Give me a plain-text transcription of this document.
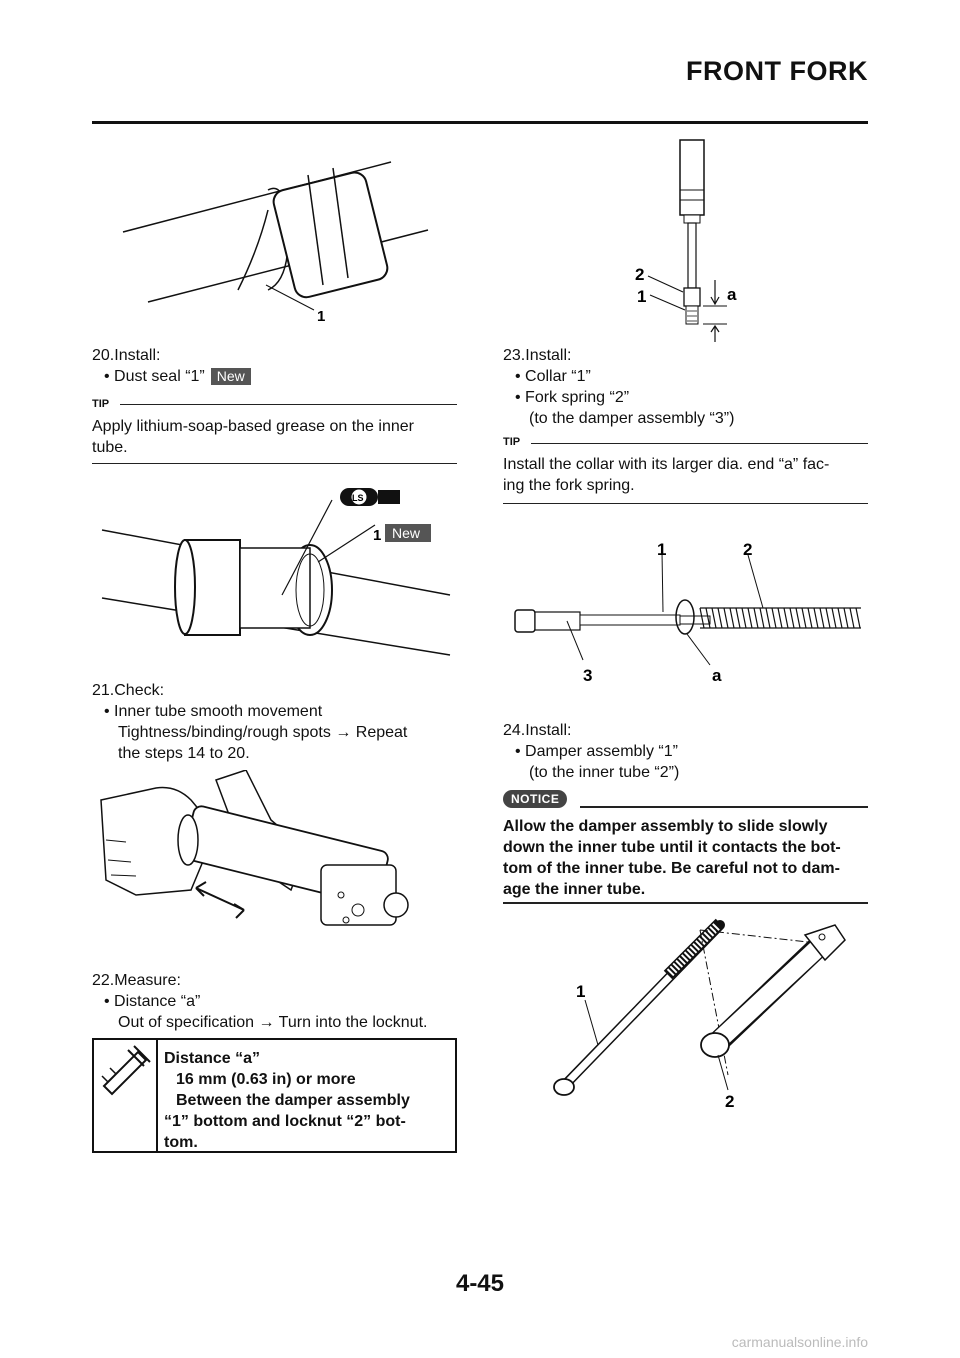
FRONT FORK
1
20.Install:
• Dust seal “1” New
TIP
Apply lithium-soap-based grease on the inner
tube.
LS
1 New
21.Check:
• Inner tube smooth movement
Tightness/binding/rough spots → Repeat
the steps 14 to 20.
22.Measure:
• Distance “a”
Out of specification → Turn into the locknut.
Distance “a”
16 mm (0.63 in) or more
Between the damper assembly
“1” bottom and locknut “2” bot-
tom.
2
1	a
23.Install:
• Collar “1”
• Fork spring “2”
(to the damper assembly “3”)
TIP
Install the collar with its larger dia. end “a” fac-
ing the fork spring.
1	2
3	a
24.Install:
• Damper assembly “1”
(to the inner tube “2”)
NOTICE
Allow the damper assembly to slide slowly
down the inner tube until it contacts the bot-
tom of the inner tube. Be careful not to dam-
age the inner tube.
1
2
4-45
carmanualsonline.info
